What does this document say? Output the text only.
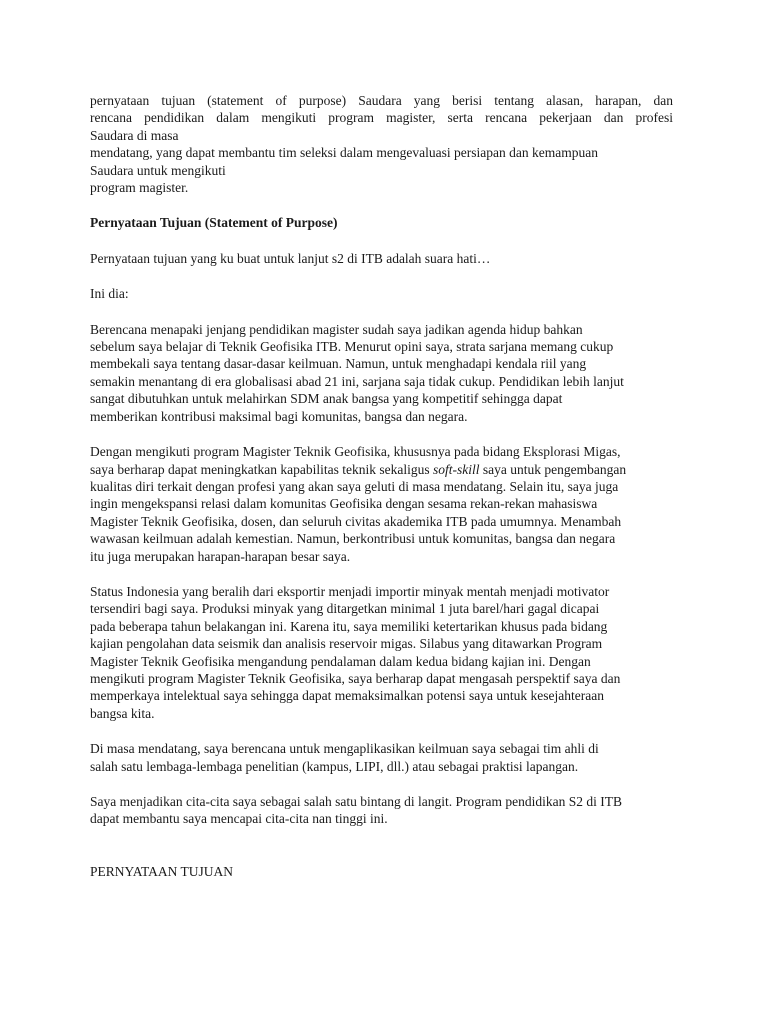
pernyataan tujuan (statement of purpose) Saudara yang berisi tentang alasan, harapan, dan
rencana pendidikan dalam mengikuti program magister, serta rencana pekerjaan dan profesi
Saudara di masa
mendatang, yang dapat membantu tim seleksi dalam mengevaluasi persiapan dan kemampuan
Saudara untuk mengikuti
program magister.

Pernyataan Tujuan (Statement of Purpose)

Pernyataan tujuan yang ku buat untuk lanjut s2 di ITB adalah suara hati…

Ini dia:

Berencana menapaki jenjang pendidikan magister sudah saya jadikan agenda hidup bahkan
sebelum saya belajar di Teknik Geofisika ITB. Menurut opini saya, strata sarjana memang cukup
membekali saya tentang dasar-dasar keilmuan. Namun, untuk menghadapi kendala riil yang
semakin menantang di era globalisasi abad 21 ini, sarjana saja tidak cukup. Pendidikan lebih lanjut
sangat dibutuhkan untuk melahirkan SDM anak bangsa yang kompetitif sehingga dapat
memberikan kontribusi maksimal bagi komunitas, bangsa dan negara.
Dengan mengikuti program Magister Teknik Geofisika, khususnya pada bidang Eksplorasi Migas,
saya berharap dapat meningkatkan kapabilitas teknik sekaligus soft-skill saya untuk pengembangan
kualitas diri terkait dengan profesi yang akan saya geluti di masa mendatang. Selain itu, saya juga
ingin mengekspansi relasi dalam komunitas Geofisika dengan sesama rekan-rekan mahasiswa
Magister Teknik Geofisika, dosen, dan seluruh civitas akademika ITB pada umumnya. Menambah
wawasan keilmuan adalah kemestian. Namun, berkontribusi untuk komunitas, bangsa dan negara
itu juga merupakan harapan-harapan besar saya.
Status Indonesia yang beralih dari eksportir menjadi importir minyak mentah menjadi motivator
tersendiri bagi saya. Produksi minyak yang ditargetkan minimal 1 juta barel/hari gagal dicapai
pada beberapa tahun belakangan ini. Karena itu, saya memiliki ketertarikan khusus pada bidang
kajian pengolahan data seismik dan analisis reservoir migas. Silabus yang ditawarkan Program
Magister Teknik Geofisika mengandung pendalaman dalam kedua bidang kajian ini. Dengan
mengikuti program Magister Teknik Geofisika, saya berharap dapat mengasah perspektif saya dan
memperkaya intelektual saya sehingga dapat memaksimalkan potensi saya untuk kesejahteraan
bangsa kita.
Di masa mendatang, saya berencana untuk mengaplikasikan keilmuan saya sebagai tim ahli di
salah satu lembaga-lembaga penelitian (kampus, LIPI, dll.) atau sebagai praktisi lapangan.
Saya menjadikan cita-cita saya sebagai salah satu bintang di langit. Program pendidikan S2 di ITB
dapat membantu saya mencapai cita-cita nan tinggi ini.

PERNYATAAN TUJUAN
